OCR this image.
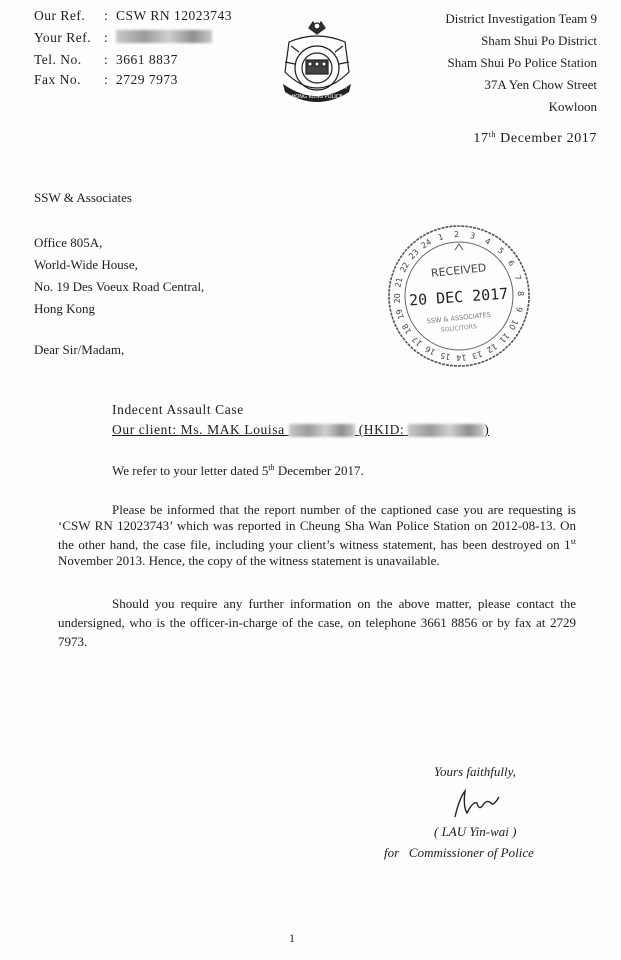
Our Ref.	: CSW RN 12023743
Your Ref. :
Tel. No.	: 3661 8837
Fax No.	: 2729 7973
HONG KONG POLICE
1844	警務處
District Investigation Team 9
Sham Shui Po District
Sham Shui Po Police Station
37A Yen Chow Street
Kowloon
17th December 2017
SSW & Associates
Office 805A,
World-Wide House,
No. 19 Des Voeux Road Central,
Hong Kong
1 2 3
4
5
6
7
8
9
10
11
12
13
14
15
16
17
18
19
20
21
22
23
24
RECEIVED
20 DEC 2017
SSW & ASSOCIATES
SOLICITORS
Dear Sir/Madam,
Indecent Assault Case
Our client: Ms. MAK Louisa	(HKID:	)
We refer to your letter dated 5th December 2017.
Please be informed that the report number of the captioned case you are requesting is ‘CSW RN 12023743’ which was reported in Cheung Sha Wan Police Station on 2012-08-13. On the other hand, the case file, including your client’s witness statement, has been destroyed on 1st November 2013. Hence, the copy of the witness statement is unavailable.
Should you require any further information on the above matter, please contact the undersigned, who is the officer-in-charge of the case, on telephone 3661 8856 or by fax at 2729 7973.
Yours faithfully,
( LAU Yin-wai )
for Commissioner of Police
1
